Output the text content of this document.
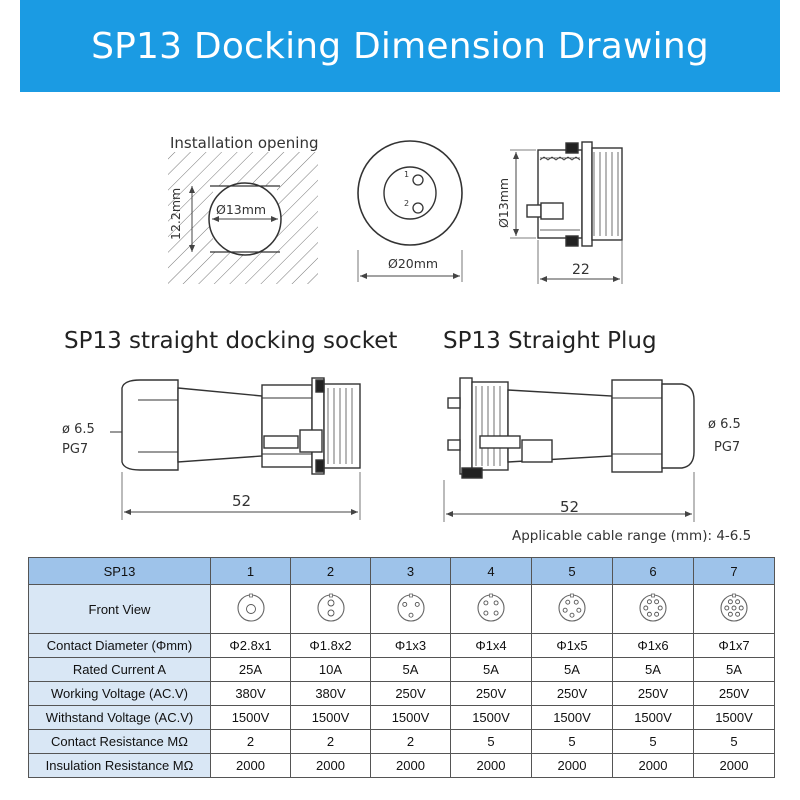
SP13 Docking Dimension Drawing
Installation opening
12.2mm	Ø13mm
1
2
Ø20mm
Ø13mm
22
SP13 straight docking socket SP13 Straight Plug
ø 6.5
PG7
52
ø 6.5
PG7
52
Applicable cable range (mm): 4-6.5
SP13	1	2	3	4	5	6	7
Front View							
Contact Diameter (Φmm)	Φ2.8x1	Φ1.8x2	Φ1x3	Φ1x4	Φ1x5	Φ1x6	Φ1x7
Rated Current A	25A	10A	5A	5A	5A	5A	5A
Working Voltage (AC.V)	380V	380V	250V	250V	250V	250V	250V
Withstand Voltage (AC.V)	1500V	1500V	1500V	1500V	1500V	1500V	1500V
Contact Resistance MΩ	2	2	2	5	5	5	5
Insulation Resistance MΩ	2000	2000	2000	2000	2000	2000	2000
